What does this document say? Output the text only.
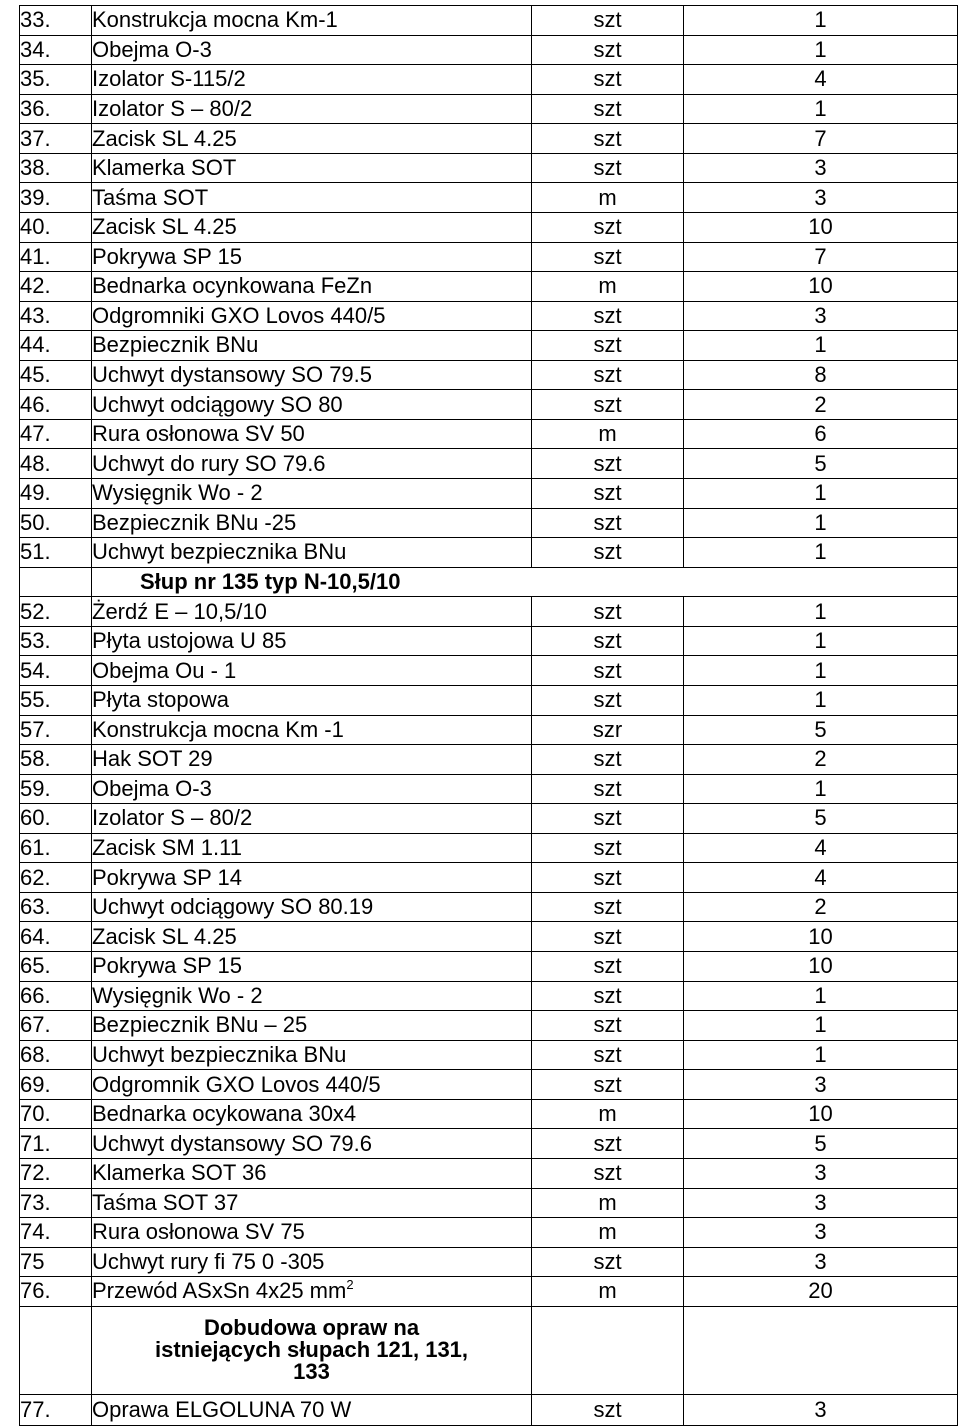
33.	Konstrukcja mocna Km-1	szt	1
34.	Obejma O-3	szt	1
35.	Izolator S-115/2	szt	4
36.	Izolator S – 80/2	szt	1
37.	Zacisk SL 4.25	szt	7
38.	Klamerka SOT	szt	3
39.	Taśma SOT	m	3
40.	Zacisk SL 4.25	szt	10
41.	Pokrywa SP 15	szt	7
42.	Bednarka ocynkowana FeZn	m	10
43.	Odgromniki GXO Lovos 440/5	szt	3
44.	Bezpiecznik BNu	szt	1
45.	Uchwyt dystansowy SO 79.5	szt	8
46.	Uchwyt odciągowy SO 80	szt	2
47.	Rura osłonowa SV 50	m	6
48.	Uchwyt do rury SO 79.6	szt	5
49.	Wysięgnik Wo - 2	szt	1
50.	Bezpiecznik BNu -25	szt	1
51.	Uchwyt bezpiecznika BNu	szt	1
	Słup nr 135 typ N-10,5/10		
52.	Żerdź E – 10,5/10	szt	1
53.	Płyta ustojowa U 85	szt	1
54.	Obejma Ou - 1	szt	1
55.	Płyta stopowa	szt	1
57.	Konstrukcja mocna Km -1	szr	5
58.	Hak SOT 29	szt	2
59.	Obejma O-3	szt	1
60.	Izolator S – 80/2	szt	5
61.	Zacisk SM 1.11	szt	4
62.	Pokrywa SP 14	szt	4
63.	Uchwyt odciągowy SO 80.19	szt	2
64.	Zacisk SL 4.25	szt	10
65.	Pokrywa SP 15	szt	10
66.	Wysięgnik Wo - 2	szt	1
67.	Bezpiecznik BNu – 25	szt	1
68.	Uchwyt bezpiecznika BNu	szt	1
69.	Odgromnik GXO Lovos 440/5	szt	3
70.	Bednarka ocykowana 30x4	m	10
71.	Uchwyt dystansowy SO 79.6	szt	5
72.	Klamerka SOT 36	szt	3
73.	Taśma SOT 37	m	3
74.	Rura osłonowa SV 75	m	3
75	Uchwyt rury fi 75 0 -305	szt	3
76.	Przewód ASxSn 4x25 $mm^2$	m	20

	Dobudowa opraw na
istniejących słupach 121, 131,
133		

77.	Oprawa ELGOLUNA 70 W	szt	3
